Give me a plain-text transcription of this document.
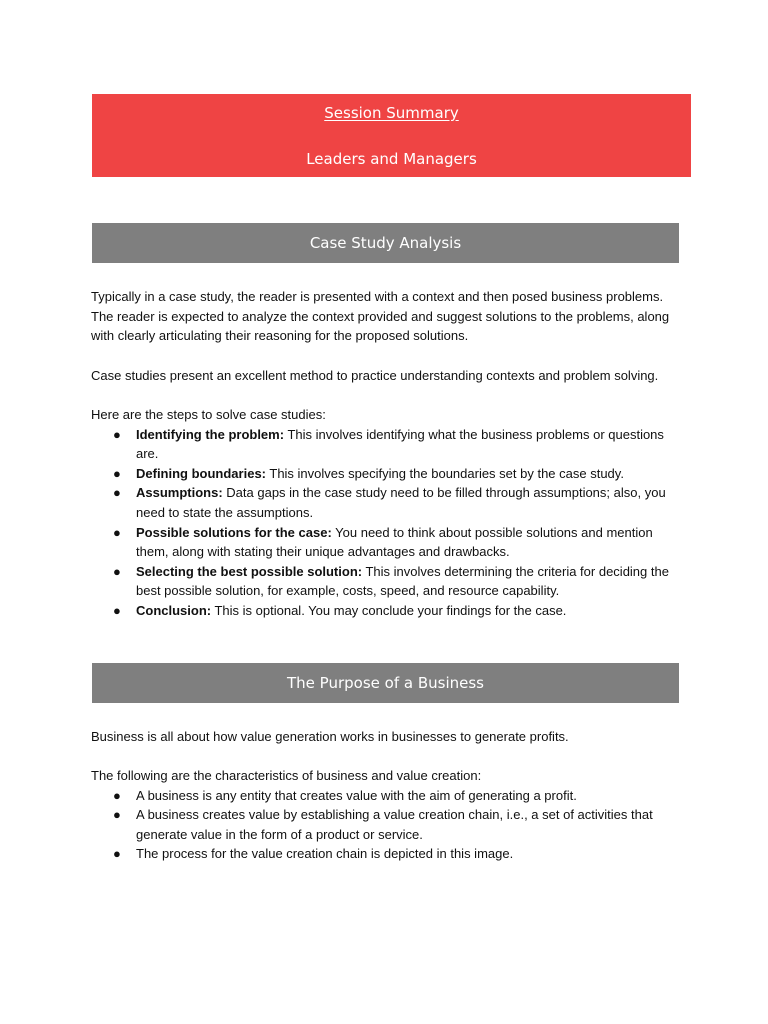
Session Summary
Leaders and Managers
Case Study Analysis
Typically in a case study, the reader is presented with a context and then posed business problems. The reader is expected to analyze the context provided and suggest solutions to the problems, along with clearly articulating their reasoning for the proposed solutions.
Case studies present an excellent method to practice understanding contexts and problem solving.

Here are the steps to solve case studies:

● Identifying the problem: This involves identifying what the business problems or questions are.
● Defining boundaries: This involves specifying the boundaries set by the case study.
● Assumptions: Data gaps in the case study need to be filled through assumptions; also, you need to state the assumptions.
● Possible solutions for the case: You need to think about possible solutions and mention them, along with stating their unique advantages and drawbacks.
● Selecting the best possible solution: This involves determining the criteria for deciding the best possible solution, for example, costs, speed, and resource capability.
● Conclusion: This is optional. You may conclude your findings for the case.
The Purpose of a Business
Business is all about how value generation works in businesses to generate profits.

The following are the characteristics of business and value creation:

● A business is any entity that creates value with the aim of generating a profit.
● A business creates value by establishing a value creation chain, i.e., a set of activities that generate value in the form of a product or service.
● The process for the value creation chain is depicted in this image.
